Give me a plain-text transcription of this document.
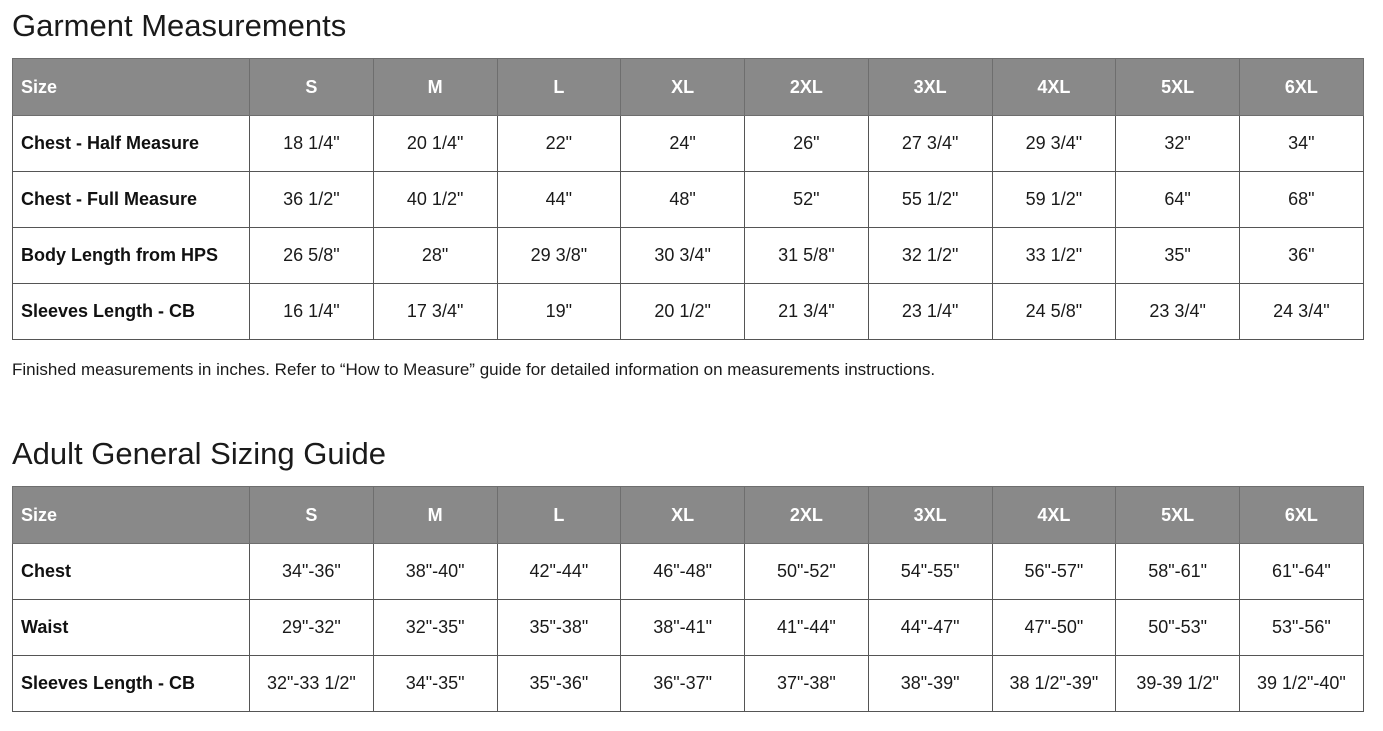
Garment Measurements
Size	S	M	L	XL	2XL	3XL	4XL	5XL	6XL
Chest - Half Measure	18 1/4"	20 1/4"	22"	24"	26"	27 3/4"	29 3/4"	32"	34"
Chest - Full Measure	36 1/2"	40 1/2"	44"	48"	52"	55 1/2"	59 1/2"	64"	68"
Body Length from HPS	26 5/8"	28"	29 3/8"	30 3/4"	31 5/8"	32 1/2"	33 1/2"	35"	36"
Sleeves Length - CB	16 1/4"	17 3/4"	19"	20 1/2"	21 3/4"	23 1/4"	24 5/8"	23 3/4"	24 3/4"

Finished measurements in inches. Refer to “How to Measure” guide for detailed information on measurements instructions.

Adult General Sizing Guide
Size	S	M	L	XL	2XL	3XL	4XL	5XL	6XL
Chest	34"-36"	38"-40"	42"-44"	46"-48"	50"-52"	54"-55"	56"-57"	58"-61"	61"-64"
Waist	29"-32"	32"-35"	35"-38"	38"-41"	41"-44"	44"-47"	47"-50"	50"-53"	53"-56"
Sleeves Length - CB	32"-33 1/2"	34"-35"	35"-36"	36"-37"	37"-38"	38"-39"	38 1/2"-39"	39-39 1/2"	39 1/2"-40"
